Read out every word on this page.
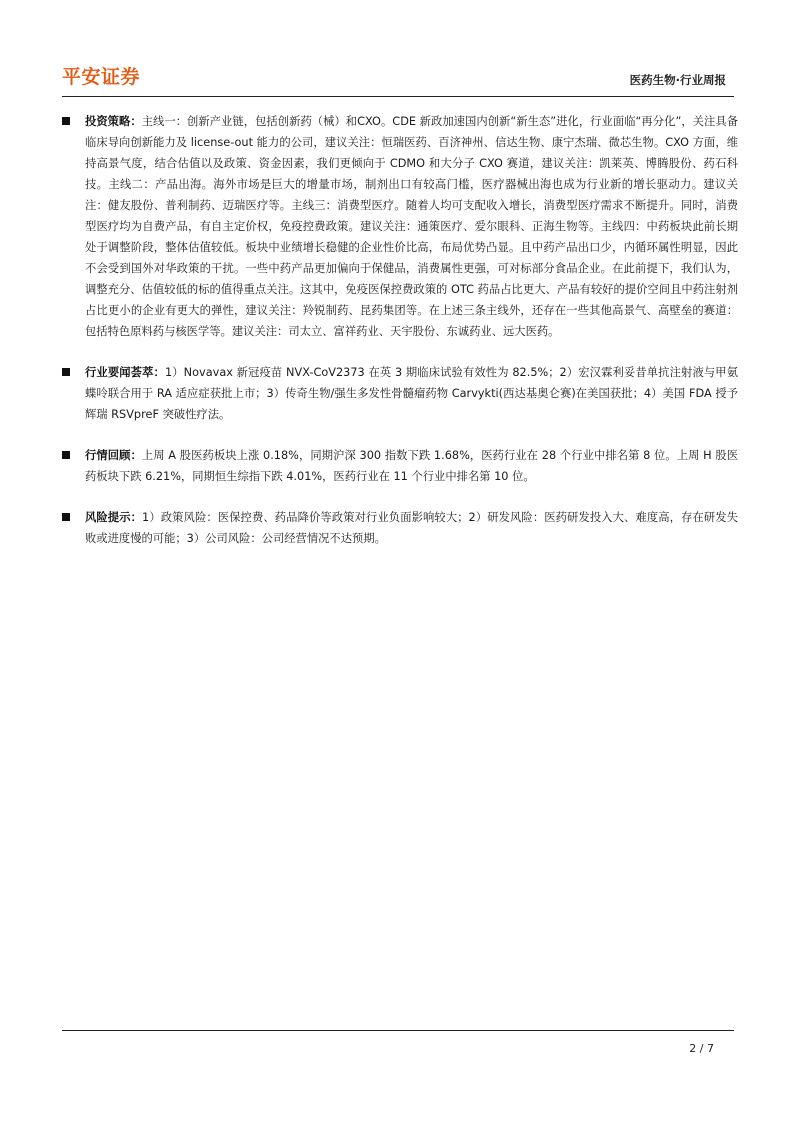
平安证券	医药生物·行业周报
投资策略：主线一：创新产业链，包括创新药（械）和CXO。CDE 新政加速国内创新“新生态”进化，行业面临“再分化”，关注具备临床导向创新能力及 license-out 能力的公司，建议关注：恒瑞医药、百济神州、信达生物、康宁杰瑞、微芯生物。CXO 方面，维持高景气度，结合估值以及政策、资金因素，我们更倾向于 CDMO 和大分子 CXO 赛道，建议关注：凯莱英、博腾股份、药石科技。主线二：产品出海。海外市场是巨大的增量市场，制剂出口有较高门槛，医疗器械出海也成为行业新的增长驱动力。建议关注：健友股份、普利制药、迈瑞医疗等。主线三：消费型医疗。随着人均可支配收入增长，消费型医疗需求不断提升。同时，消费型医疗均为自费产品，有自主定价权，免疫控费政策。建议关注：通策医疗、爱尔眼科、正海生物等。主线四：中药板块此前长期处于调整阶段，整体估值较低。板块中业绩增长稳健的企业性价比高，布局优势凸显。且中药产品出口少，内循环属性明显，因此不会受到国外对华政策的干扰。一些中药产品更加偏向于保健品，消费属性更强，可对标部分食品企业。在此前提下，我们认为，调整充分、估值较低的标的值得重点关注。这其中，免疫医保控费政策的 OTC 药品占比更大、产品有较好的提价空间且中药注射剂占比更小的企业有更大的弹性，建议关注：羚锐制药、昆药集团等。在上述三条主线外，还存在一些其他高景气、高壁垒的赛道：包括特色原料药与核医学等。建议关注：司太立、富祥药业、天宇股份、东诚药业、远大医药。
行业要闻荟萃：1）Novavax 新冠疫苗 NVX-CoV2373 在英 3 期临床试验有效性为 82.5%；2）宏汉霖利妥昔单抗注射液与甲氨蝶呤联合用于 RA 适应症获批上市；3）传奇生物/强生多发性骨髓瘤药物 Carvykti(西达基奥仑赛)在美国获批；4）美国 FDA 授予辉瑞 RSVpreF 突破性疗法。
行情回顾：上周 A 股医药板块上涨 0.18%，同期沪深 300 指数下跌 1.68%，医药行业在 28 个行业中排名第 8 位。上周 H 股医药板块下跌 6.21%，同期恒生综指下跌 4.01%，医药行业在 11 个行业中排名第 10 位。
风险提示：1）政策风险：医保控费、药品降价等政策对行业负面影响较大；2）研发风险：医药研发投入大、难度高，存在研发失败或进度慢的可能；3）公司风险：公司经营情况不达预期。
2 / 7
